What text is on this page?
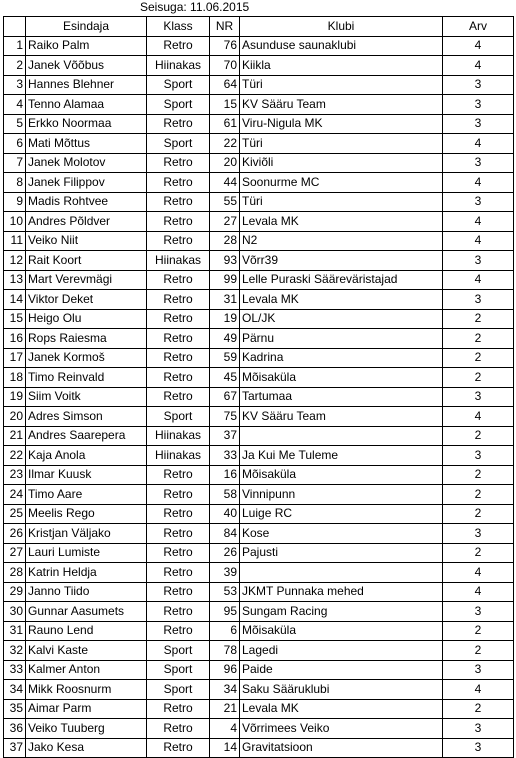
Seisuga: 11.06.2015
	Esindaja	Klass	NR	Klubi	Arv
1	Raiko Palm	Retro	76	Asunduse saunaklubi	4
2	Janek Võõbus	Hiinakas	70	Kiikla	4
3	Hannes Blehner	Sport	64	Türi	3
4	Tenno Alamaa	Sport	15	KV Sääru Team	3
5	Erkko Noormaa	Retro	61	Viru-Nigula MK	3
6	Mati Mõttus	Sport	22	Türi	4
7	Janek Molotov	Retro	20	Kiviõli	3
8	Janek Filippov	Retro	44	Soonurme MC	4
9	Madis Rohtvee	Retro	55	Türi	3
10	Andres Põldver	Retro	27	Levala MK	4
11	Veiko Niit	Retro	28	N2	4
12	Rait Koort	Hiinakas	93	Võrr39	3
13	Mart Verevmägi	Retro	99	Lelle Puraski Sääreväristajad	4
14	Viktor Deket	Retro	31	Levala MK	3
15	Heigo Olu	Retro	19	OL/JK	2
16	Rops Raiesma	Retro	49	Pärnu	2
17	Janek Kormoš	Retro	59	Kadrina	2
18	Timo Reinvald	Retro	45	Mõisaküla	2
19	Siim Voitk	Retro	67	Tartumaa	3
20	Adres Simson	Sport	75	KV Sääru Team	4
21	Andres Saarepera	Hiinakas	37		2
22	Kaja Anola	Hiinakas	33	Ja Kui Me Tuleme	3
23	Ilmar Kuusk	Retro	16	Mõisaküla	2
24	Timo Aare	Retro	58	Vinnipunn	2
25	Meelis Rego	Retro	40	Luige RC	2
26	Kristjan Väljako	Retro	84	Kose	3
27	Lauri Lumiste	Retro	26	Pajusti	2
28	Katrin Heldja	Retro	39		4
29	Janno Tiido	Retro	53	JKMT Punnaka mehed	4
30	Gunnar Aasumets	Retro	95	Sungam Racing	3
31	Rauno Lend	Retro	6	Mõisaküla	2
32	Kalvi Kaste	Sport	78	Lagedi	2
33	Kalmer Anton	Sport	96	Paide	3
34	Mikk Roosnurm	Sport	34	Saku Sääruklubi	4
35	Aimar Parm	Retro	21	Levala MK	2
36	Veiko Tuuberg	Retro	4	Võrrimees Veiko	3
37	Jako Kesa	Retro	14	Gravitatsioon	3
